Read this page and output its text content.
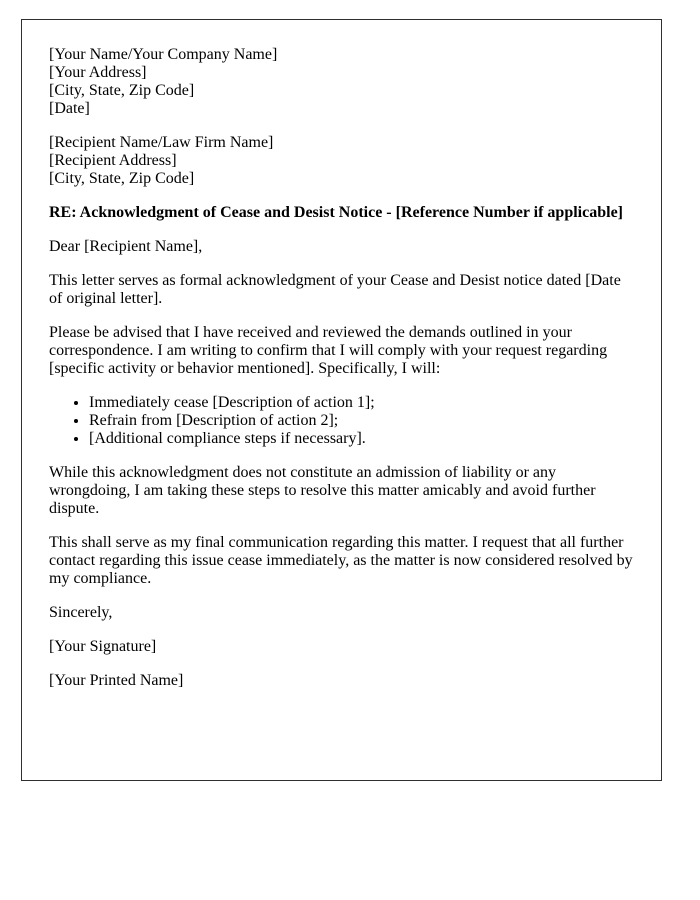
[Your Name/Your Company Name]
[Your Address]
[City, State, Zip Code]
[Date]
[Recipient Name/Law Firm Name]
[Recipient Address]
[City, State, Zip Code]

RE: Acknowledgment of Cease and Desist Notice - [Reference Number if applicable]

Dear [Recipient Name],

This letter serves as formal acknowledgment of your Cease and Desist notice dated [Date of original letter].

Please be advised that I have received and reviewed the demands outlined in your correspondence. I am writing to confirm that I will comply with your request regarding [specific activity or behavior mentioned]. Specifically, I will:

• Immediately cease [Description of action 1];
• Refrain from [Description of action 2];
• [Additional compliance steps if necessary].

While this acknowledgment does not constitute an admission of liability or any wrongdoing, I am taking these steps to resolve this matter amicably and avoid further dispute.

This shall serve as my final communication regarding this matter. I request that all further contact regarding this issue cease immediately, as the matter is now considered resolved by my compliance.

Sincerely,

[Your Signature]

[Your Printed Name]
